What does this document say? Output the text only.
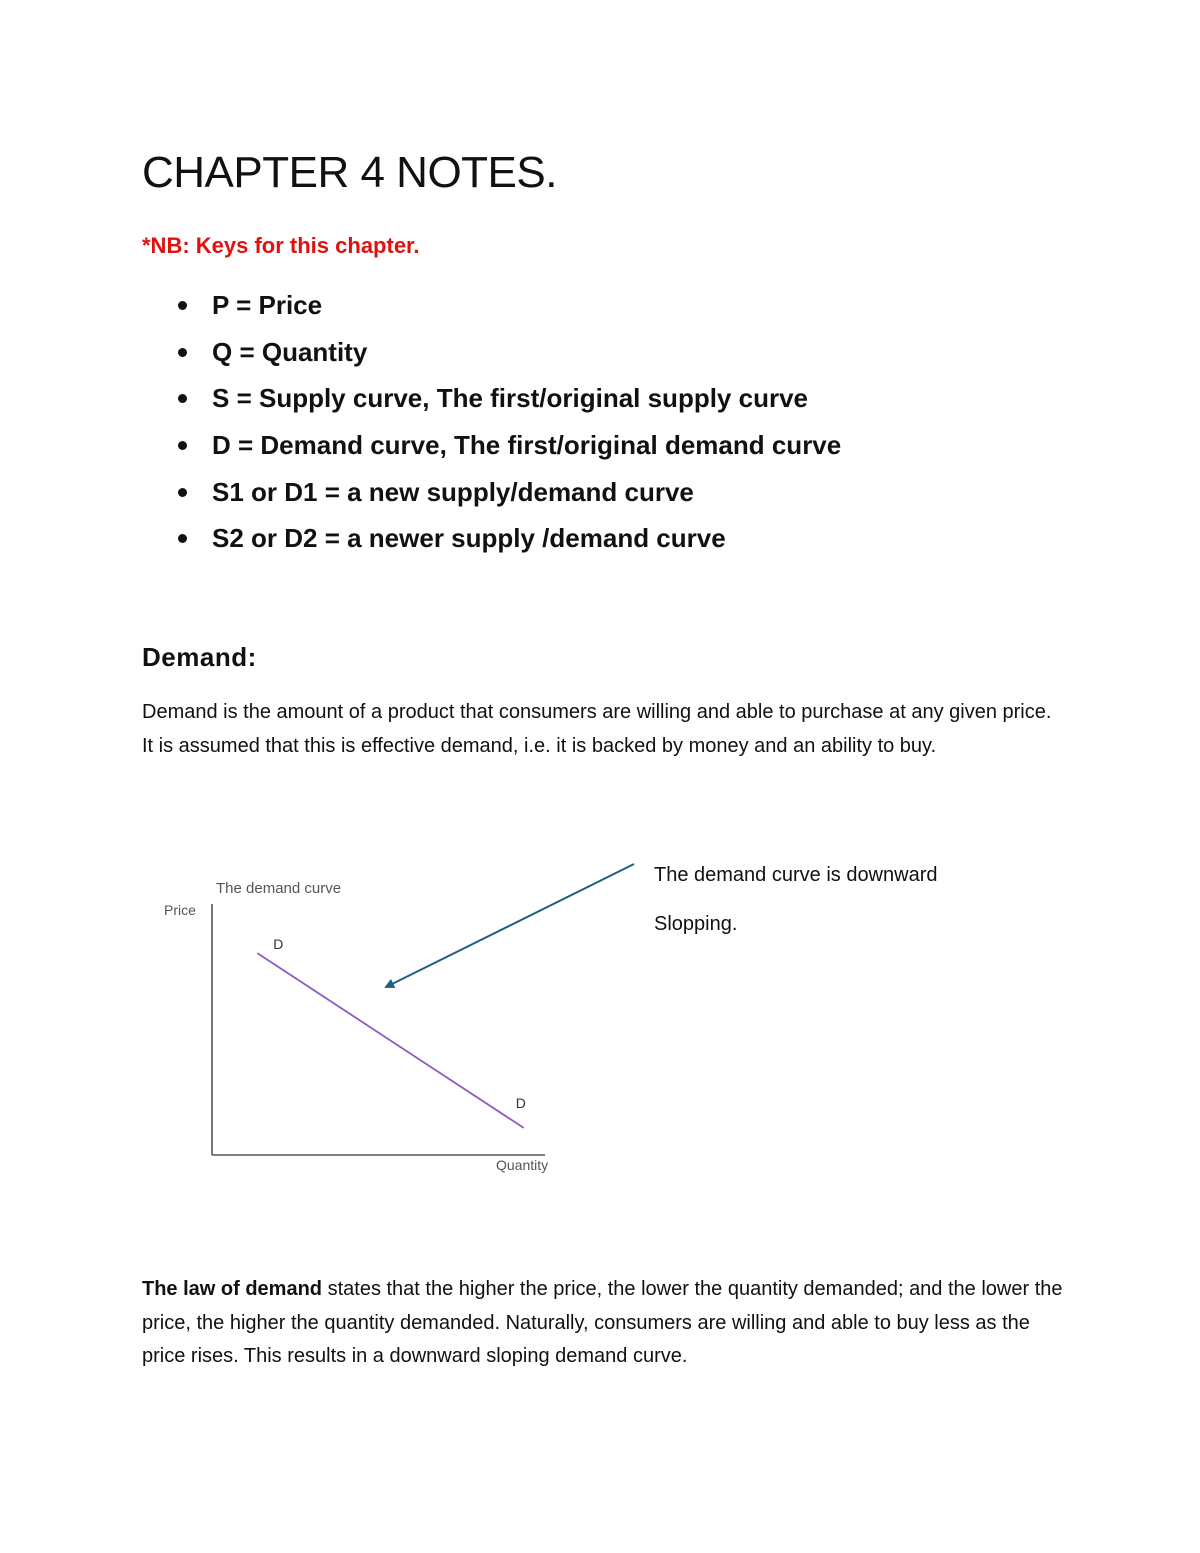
CHAPTER 4 NOTES.
*NB: Keys for this chapter.
P = Price
Q = Quantity
S = Supply curve, The first/original supply curve
D = Demand curve, The first/original demand curve
S1 or D1 = a new supply/demand curve
S2 or D2 = a newer supply /demand curve
Demand:
Demand is the amount of a product that consumers are willing and able to purchase at any given price. It is assumed that this is effective demand, i.e. it is backed by money and an ability to buy.
The demand curve
Price
Quantity
D
D
The demand curve is downward
Slopping.
The law of demand states that the higher the price, the lower the quantity demanded; and the lower the price, the higher the quantity demanded. Naturally, consumers are willing and able to buy less as the price rises. This results in a downward sloping demand curve.
